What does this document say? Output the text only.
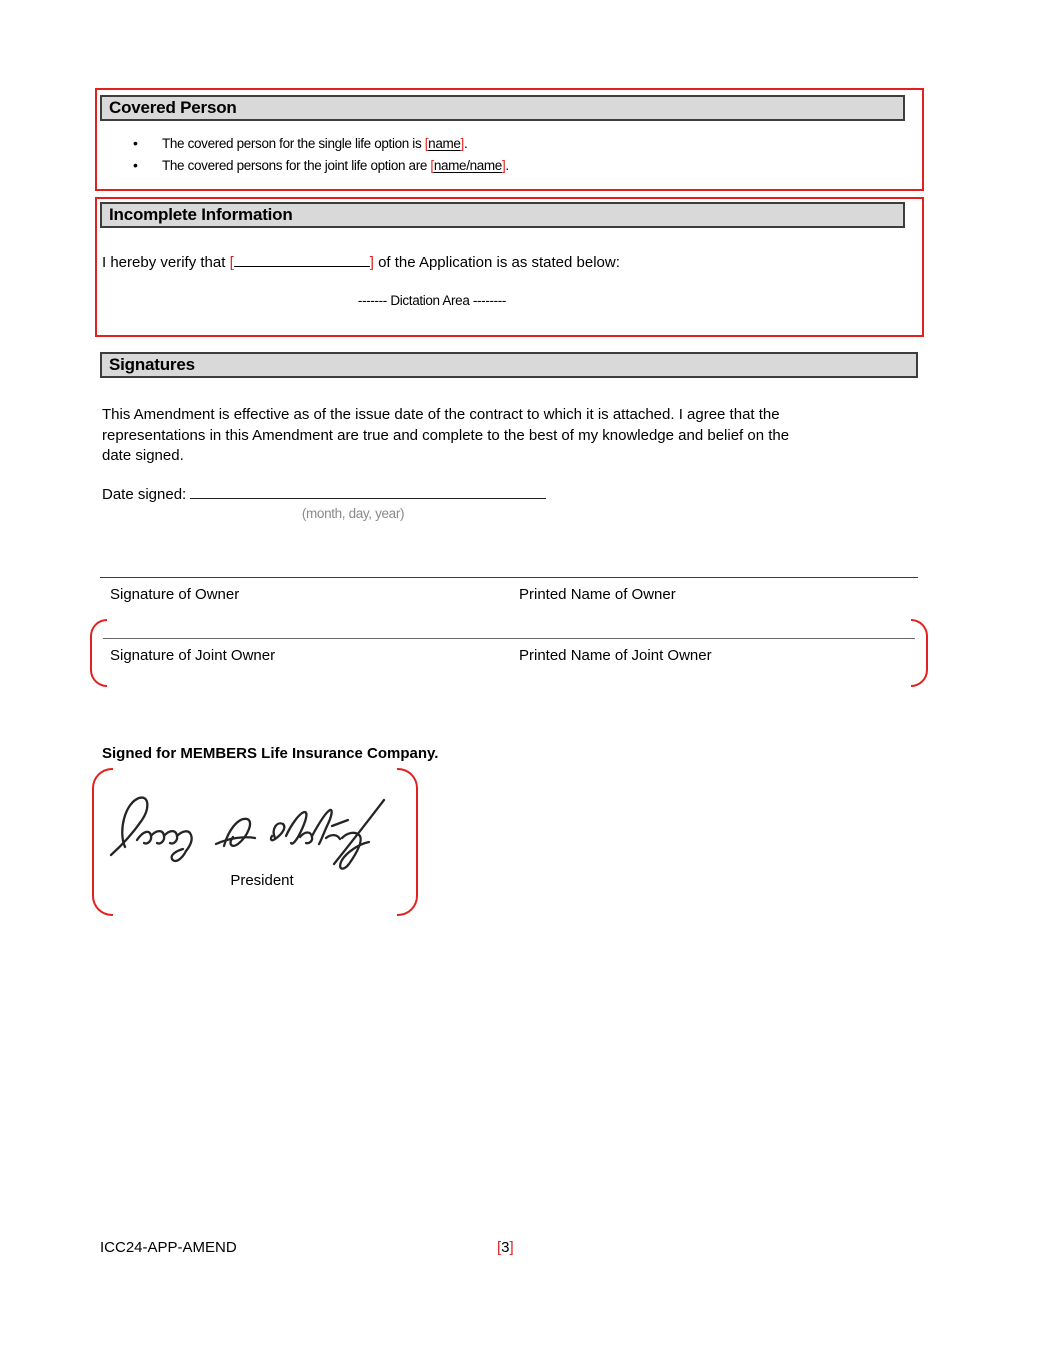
Covered Person
• The covered person for the single life option is [name].
• The covered persons for the joint life option are [name/name].
Incomplete Information
I hereby verify that [	] of the Application is as stated below:
------- Dictation Area --------
Signatures
This Amendment is effective as of the issue date of the contract to which it is attached. I agree that the
representations in this Amendment are true and complete to the best of my knowledge and belief on the
date signed.
Date signed:
(month, day, year)
Signature of Owner	Printed Name of Owner
Signature of Joint Owner	Printed Name of Joint Owner
Signed for MEMBERS Life Insurance Company.
President
ICC24-APP-AMEND	[3]
